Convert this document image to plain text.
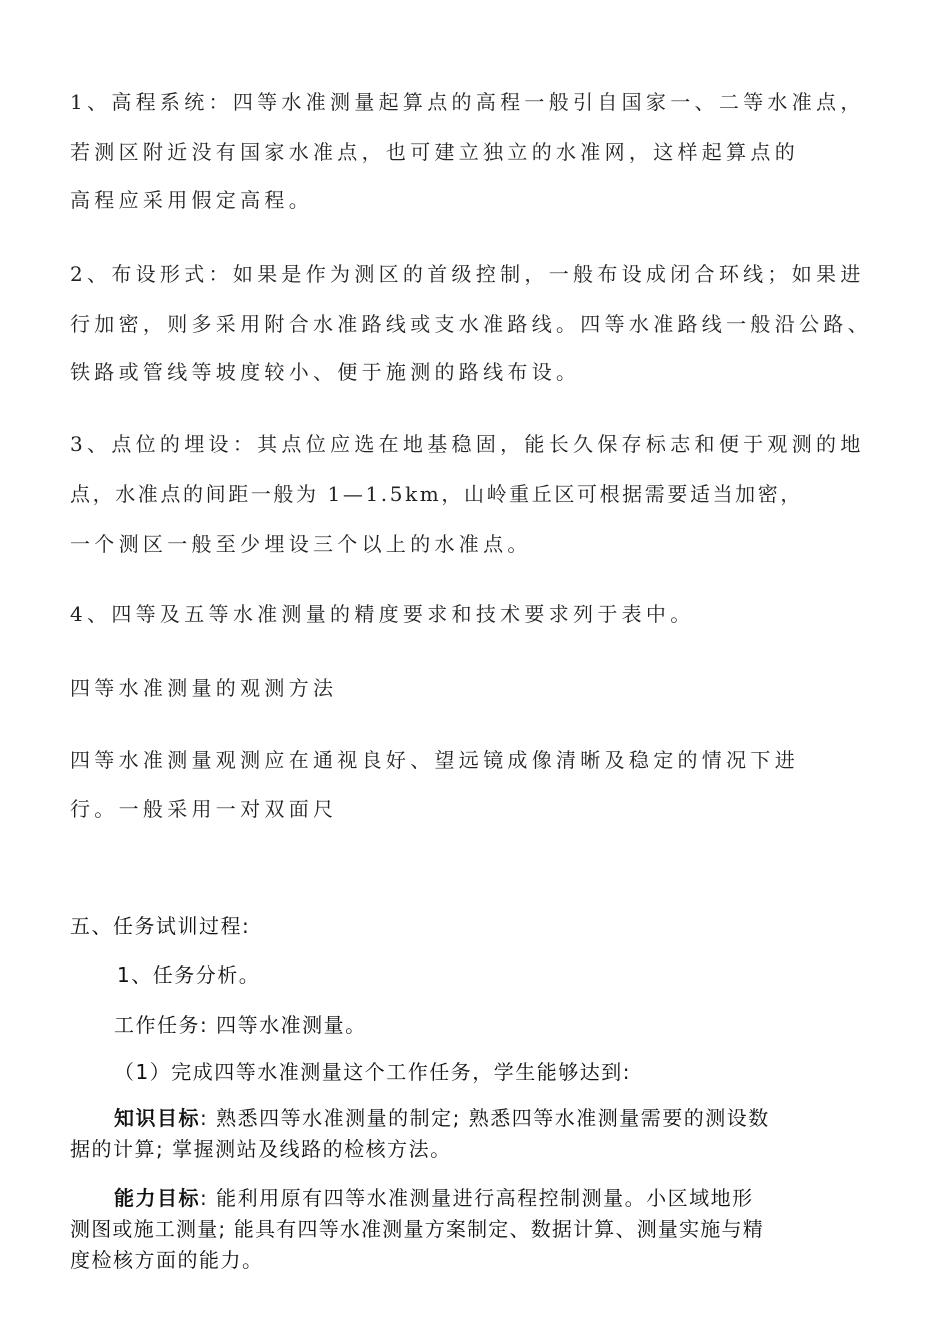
1、高程系统：四等水准测量起算点的高程一般引自国家一、二等水准点，
若测区附近没有国家水准点，也可建立独立的水准网，这样起算点的
高程应采用假定高程。
2、布设形式：如果是作为测区的首级控制，一般布设成闭合环线；如果进
行加密，则多采用附合水准路线或支水准路线。四等水准路线一般沿公路、
铁路或管线等坡度较小、便于施测的路线布设。
3、点位的埋设：其点位应选在地基稳固，能长久保存标志和便于观测的地
点，水准点的间距一般为 1—1.5km，山岭重丘区可根据需要适当加密，
一个测区一般至少埋设三个以上的水准点。
4、四等及五等水准测量的精度要求和技术要求列于表中。
四等水准测量的观测方法
四等水准测量观测应在通视良好、望远镜成像清晰及稳定的情况下进
行。一般采用一对双面尺
五、任务试训过程:
1、任务分析。
工作任务: 四等水准测量。
（1）完成四等水准测量这个工作任务，学生能够达到:
知识目标: 熟悉四等水准测量的制定; 熟悉四等水准测量需要的测设数
据的计算; 掌握测站及线路的检核方法。
能力目标: 能利用原有四等水准测量进行高程控制测量。小区域地形
测图或施工测量; 能具有四等水准测量方案制定、数据计算、测量实施与精
度检核方面的能力。
